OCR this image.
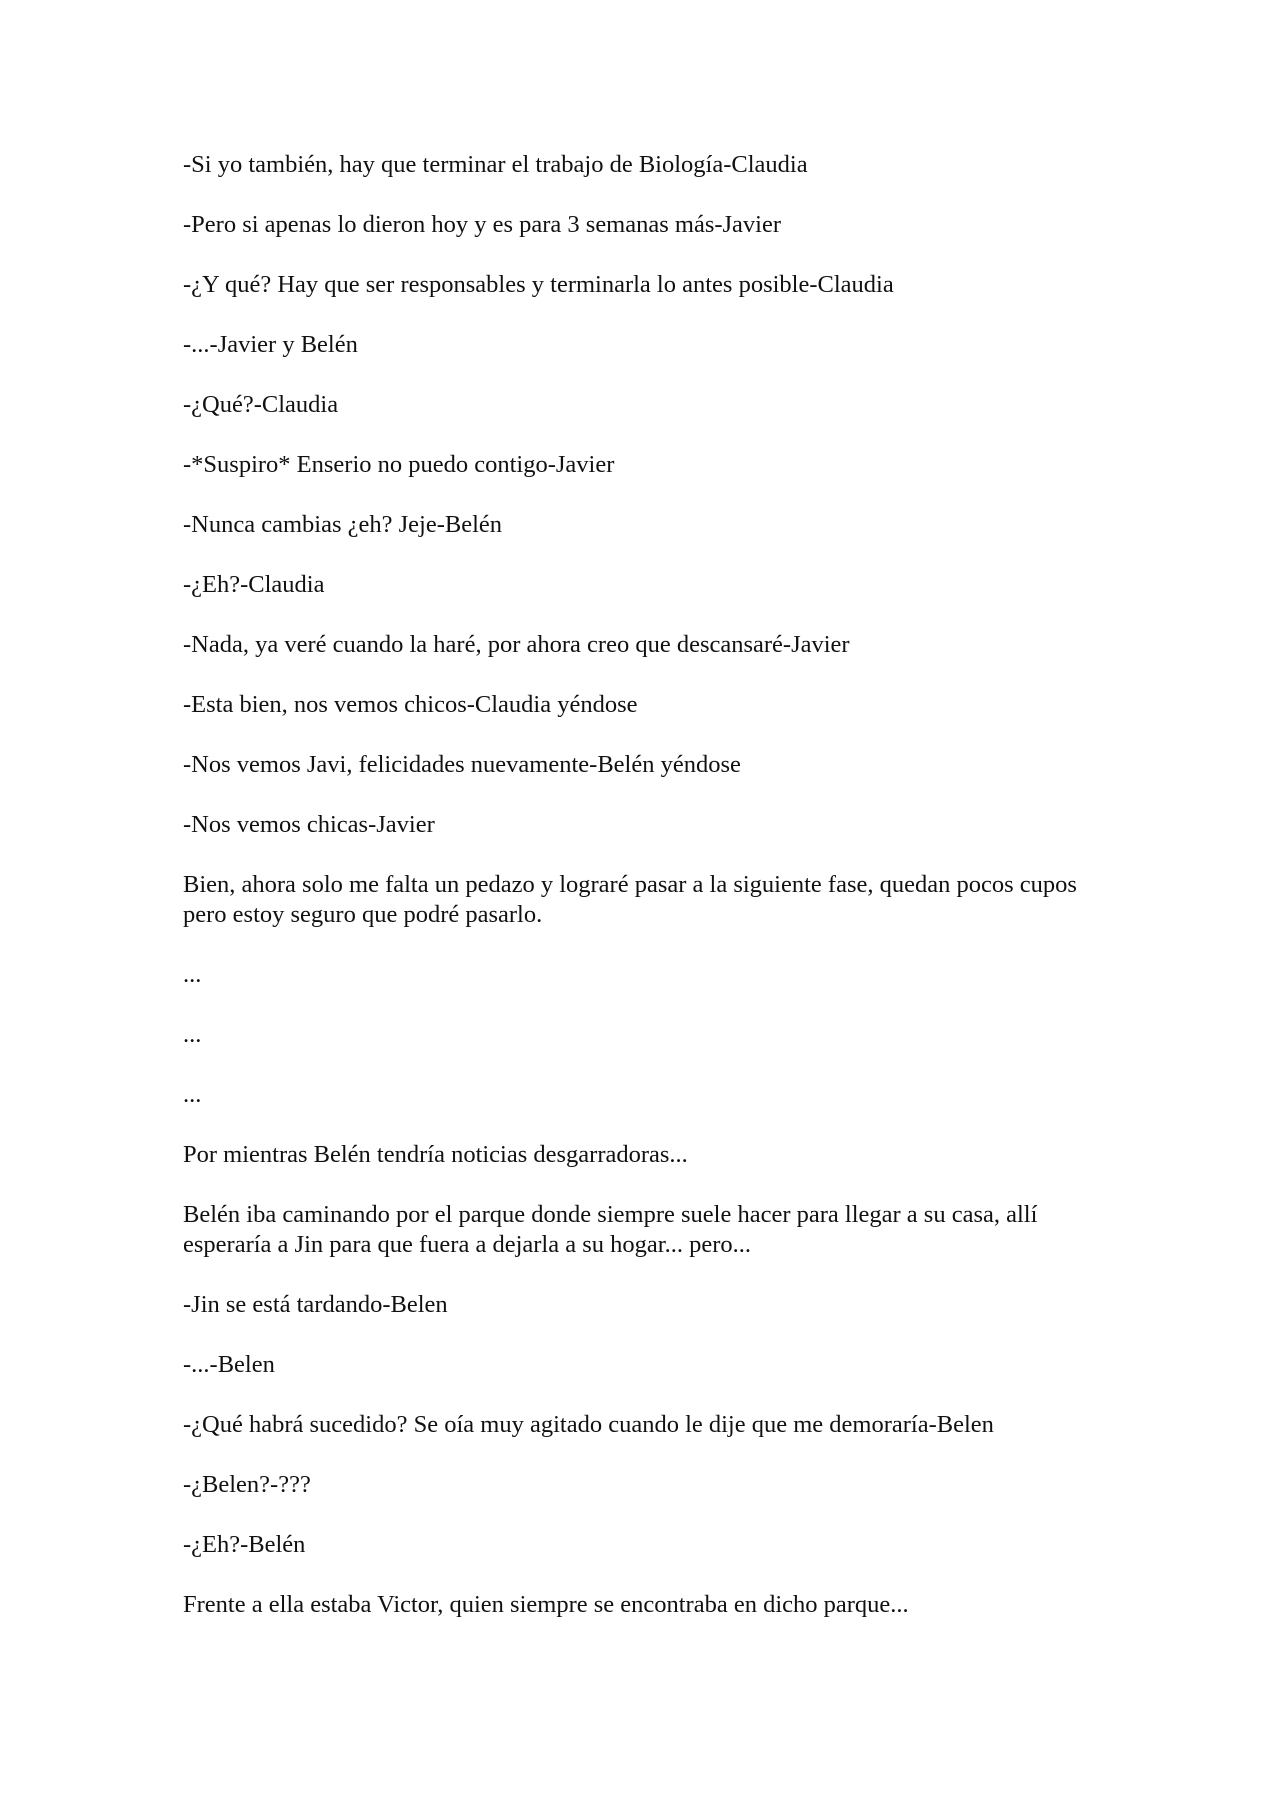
-Si yo también, hay que terminar el trabajo de Biología-Claudia

-Pero si apenas lo dieron hoy y es para 3 semanas más-Javier

-¿Y qué? Hay que ser responsables y terminarla lo antes posible-Claudia

-...-Javier y Belén

-¿Qué?-Claudia

-*Suspiro* Enserio no puedo contigo-Javier

-Nunca cambias ¿eh? Jeje-Belén

-¿Eh?-Claudia

-Nada, ya veré cuando la haré, por ahora creo que descansaré-Javier

-Esta bien, nos vemos chicos-Claudia yéndose

-Nos vemos Javi, felicidades nuevamente-Belén yéndose

-Nos vemos chicas-Javier

Bien, ahora solo me falta un pedazo y lograré pasar a la siguiente fase, quedan pocos cupos pero estoy seguro que podré pasarlo.

...

...

...

Por mientras Belén tendría noticias desgarradoras...

Belén iba caminando por el parque donde siempre suele hacer para llegar a su casa, allí esperaría a Jin para que fuera a dejarla a su hogar... pero...

-Jin se está tardando-Belen

-...-Belen

-¿Qué habrá sucedido? Se oía muy agitado cuando le dije que me demoraría-Belen

-¿Belen?-???

-¿Eh?-Belén

Frente a ella estaba Victor, quien siempre se encontraba en dicho parque...
